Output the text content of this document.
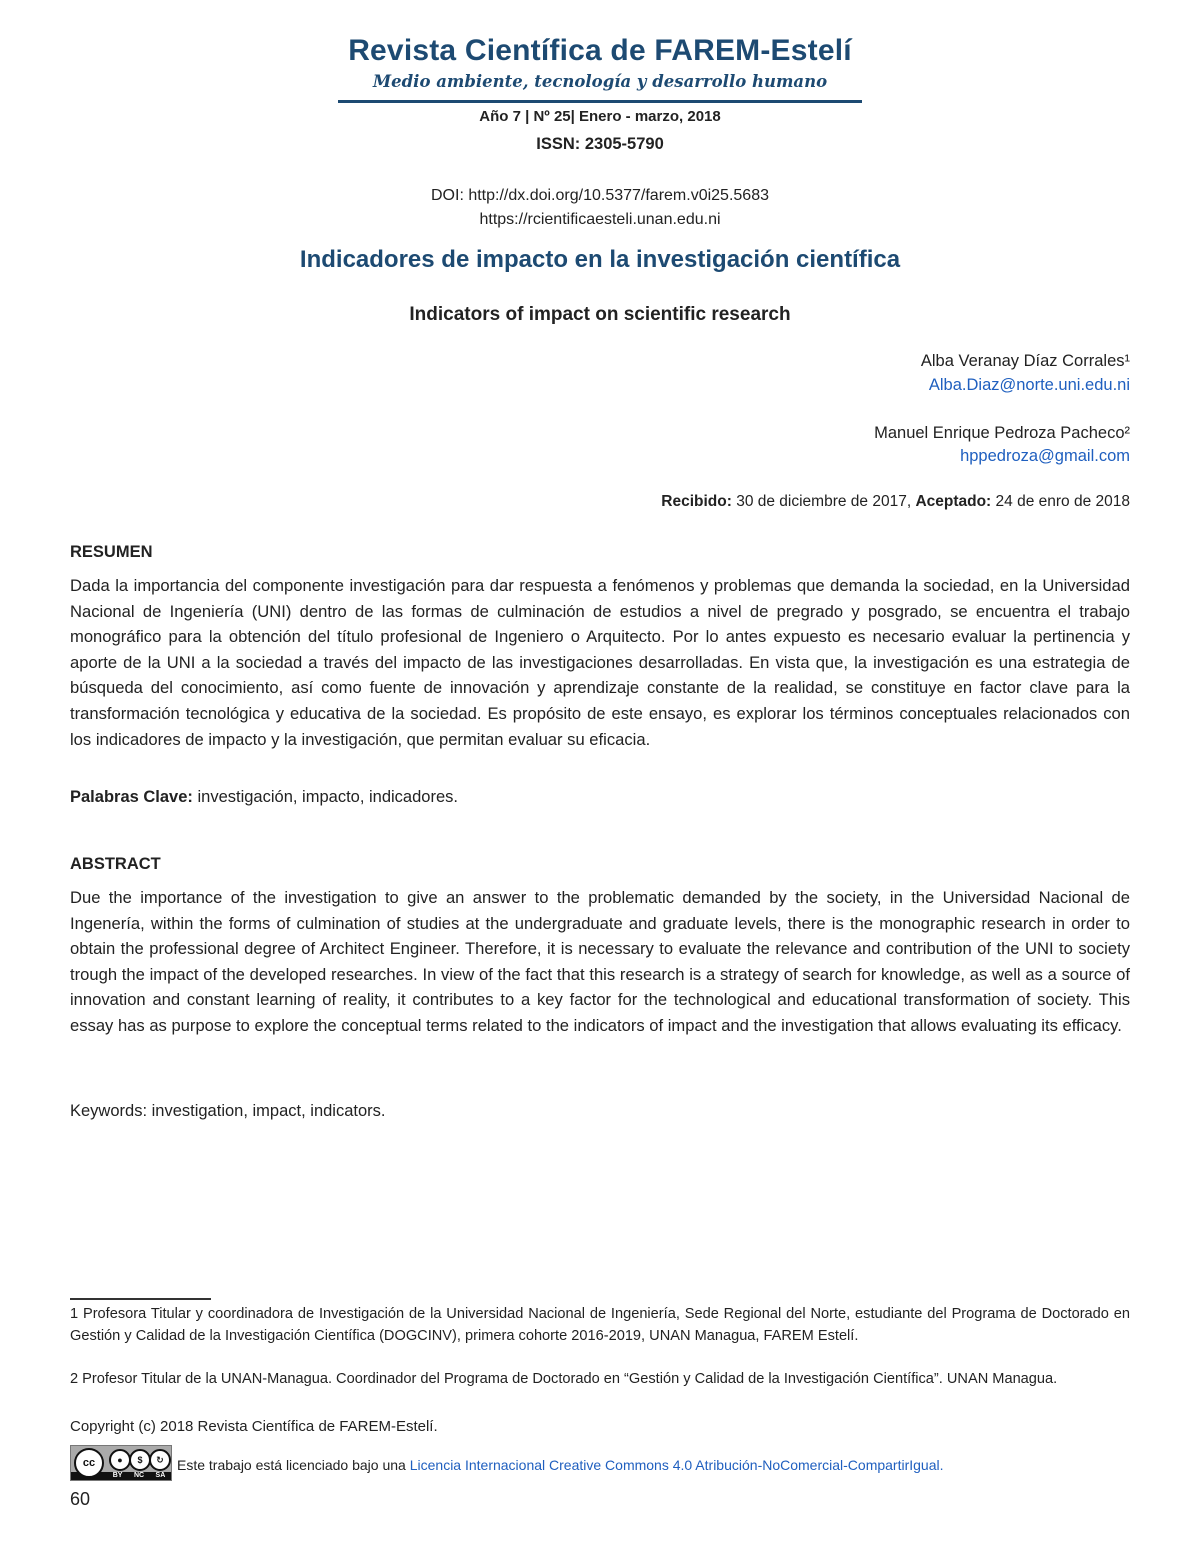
Revista Científica de FAREM-Estelí
Medio ambiente, tecnología y desarrollo humano
Año 7 | Nº 25| Enero - marzo, 2018
ISSN: 2305-5790
DOI: http://dx.doi.org/10.5377/farem.v0i25.5683
https://rcientificaesteli.unan.edu.ni
Indicadores de impacto en la investigación científica
Indicators of impact on scientific research
Alba Veranay Díaz Corrales¹
Alba.Diaz@norte.uni.edu.ni
Manuel Enrique Pedroza Pacheco²
hppedroza@gmail.com
Recibido: 30 de diciembre de 2017, Aceptado: 24 de enro de 2018
RESUMEN
Dada la importancia del componente investigación para dar respuesta a fenómenos y problemas que demanda la sociedad, en la Universidad Nacional de Ingeniería (UNI) dentro de las formas de culminación de estudios a nivel de pregrado y posgrado, se encuentra el trabajo monográfico para la obtención del título profesional de Ingeniero o Arquitecto. Por lo antes expuesto es necesario evaluar la pertinencia y aporte de la UNI a la sociedad a través del impacto de las investigaciones desarrolladas. En vista que, la investigación es una estrategia de búsqueda del conocimiento, así como fuente de innovación y aprendizaje constante de la realidad, se constituye en factor clave para la transformación tecnológica y educativa de la sociedad. Es propósito de este ensayo, es explorar los términos conceptuales relacionados con los indicadores de impacto y la investigación, que permitan evaluar su eficacia.
Palabras Clave: investigación, impacto, indicadores.
ABSTRACT
Due the importance of the investigation to give an answer to the problematic demanded by the society, in the Universidad Nacional de Ingenería, within the forms of culmination of studies at the undergraduate and graduate levels, there is the monographic research in order to obtain the professional degree of Architect Engineer. Therefore, it is necessary to evaluate the relevance and contribution of the UNI to society trough the impact of the developed researches. In view of the fact that this research is a strategy of search for knowledge, as well as a source of innovation and constant learning of reality, it contributes to a key factor for the technological and educational transformation of society. This essay has as purpose to explore the conceptual terms related to the indicators of impact and the investigation that allows evaluating its efficacy.
Keywords: investigation, impact, indicators.
1 Profesora Titular y coordinadora de Investigación de la Universidad Nacional de Ingeniería, Sede Regional del Norte, estudiante del Programa de Doctorado en Gestión y Calidad de la Investigación Científica (DOGCINV), primera cohorte 2016-2019, UNAN Managua, FAREM Estelí.
2 Profesor Titular de la UNAN-Managua. Coordinador del Programa de Doctorado en “Gestión y Calidad de la Investigación Científica”. UNAN Managua.
Copyright (c) 2018 Revista Científica de FAREM-Estelí.
cc	●	$	↻
BY NC SA
Este trabajo está licenciado bajo una Licencia Internacional Creative Commons 4.0 Atribución-NoComercial-CompartirIgual.
60
